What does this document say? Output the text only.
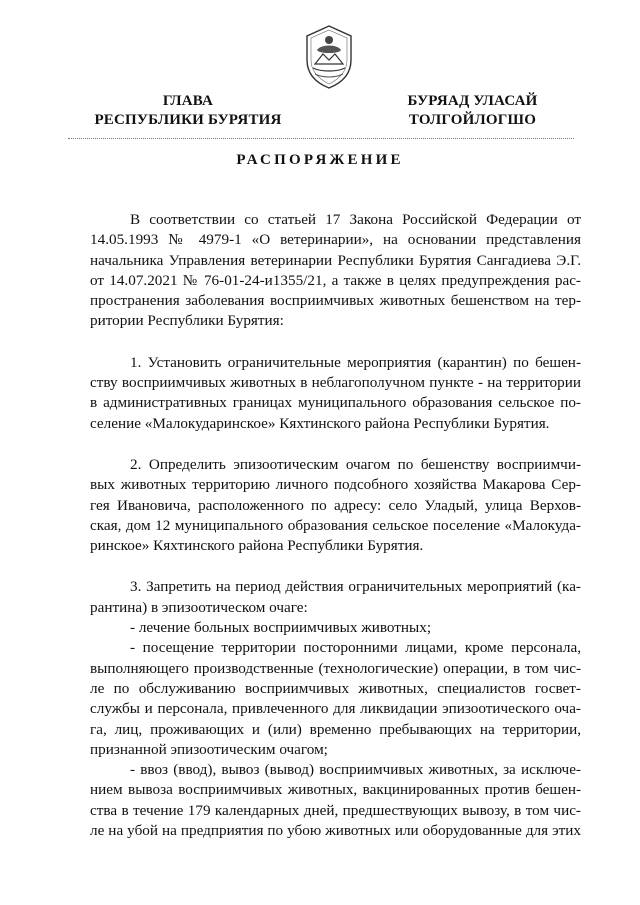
ГЛАВА
РЕСПУБЛИКИ БУРЯТИЯ
БУРЯАД УЛАСАЙ
ТОЛГОЙЛОГШО
РАСПОРЯЖЕНИЕ
В соответствии со статьей 17 Закона Российской Федерации от
14.05.1993 № 4979-1 «О ветеринарии», на основании представления
начальника Управления ветеринарии Республики Бурятия Сангадиева Э.Г.
от 14.07.2021 № 76-01-24-и1355/21, а также в целях предупреждения рас-
пространения заболевания восприимчивых животных бешенством на тер-
ритории Республики Бурятия:
1. Установить ограничительные мероприятия (карантин) по бешен-
ству восприимчивых животных в неблагополучном пункте - на территории
в административных границах муниципального образования сельское по-
селение «Малокударинское» Кяхтинского района Республики Бурятия.
2. Определить эпизоотическим очагом по бешенству восприимчи-
вых животных территорию личного подсобного хозяйства Макарова Сер-
гея Ивановича, расположенного по адресу: село Уладый, улица Верхов-
ская, дом 12 муниципального образования сельское поселение «Малокуда-
ринское» Кяхтинского района Республики Бурятия.
3. Запретить на период действия ограничительных мероприятий (ка-
рантина) в эпизоотическом очаге:
- лечение больных восприимчивых животных;
- посещение территории посторонними лицами, кроме персонала,
выполняющего производственные (технологические) операции, в том чис-
ле по обслуживанию восприимчивых животных, специалистов госвет-
службы и персонала, привлеченного для ликвидации эпизоотического оча-
га, лиц, проживающих и (или) временно пребывающих на территории,
признанной эпизоотическим очагом;
- ввоз (ввод), вывоз (вывод) восприимчивых животных, за исключе-
нием вывоза восприимчивых животных, вакцинированных против бешен-
ства в течение 179 календарных дней, предшествующих вывозу, в том чис-
ле на убой на предприятия по убою животных или оборудованные для этих
